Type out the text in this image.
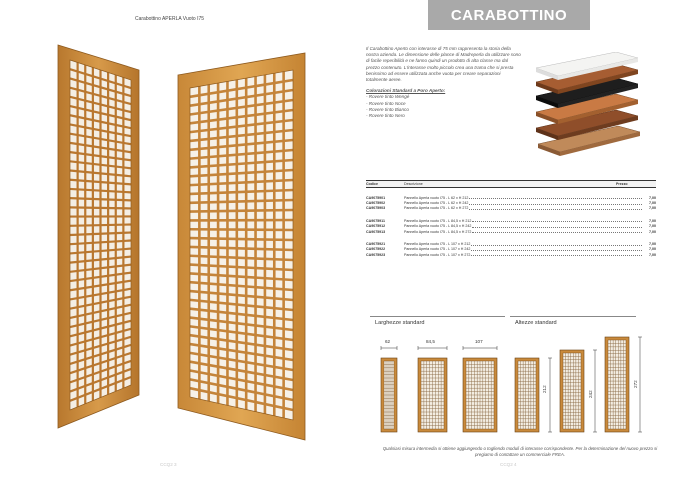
Carabottino APERLA Vuoto I75
CCQ2 3
CARABOTTINO

Il Carabottino Aperto con interasse di 75 mm rappresenta la storia della nostra azienda. Le dimensione delle plance di Madreperla da utilizzare sono di facile reperibilità e ne fanno quindi un prodotto di alta classe ma dal prezzo contenuto. L'interasse molto piccolo crea una trama che si presta benissimo ad essere utilizzata anche vuota per creare separazioni totalmente aeree.

Colorazioni Standard a Poro Aperto:
- Rovere tinto Wengé
- Rovere tinto Noce
- Rovere tinto Bianco
- Rovere tinto Nero
Codice	Descrizione	Prezzo
CA9075901	Pannello Aperla vuoto I75 - L 62 x H 212	7,00
CA9075902	Pannello Aperla vuoto I75 - L 62 x H 242	7,00
CA9075903	Pannello Aperla vuoto I75 - L 62 x H 272	7,00
CA9075911	Pannello Aperla vuoto I75 - L 84,5 x H 212	7,00
CA9075912	Pannello Aperla vuoto I75 - L 84,5 x H 242	7,00
CA9075913	Pannello Aperla vuoto I75 - L 84,5 x H 272	7,00
CA9075921	Pannello Aperla vuoto I75 - L 107 x H 212	7,00
CA9075922	Pannello Aperla vuoto I75 - L 107 x H 242	7,00
CA9075923	Pannello Aperla vuoto I75 - L 107 x H 272	7,00
Larghezze standard	Altezze standard
62	84,5	107
212
242
272
Qualsiasi misura intermedia si ottiene aggiungendo o togliendo moduli di interasse corrispondente. Per la determinazione del nuovo prezzo si pregiamo di contattare un commerciale FREA.
CCQ2 4
